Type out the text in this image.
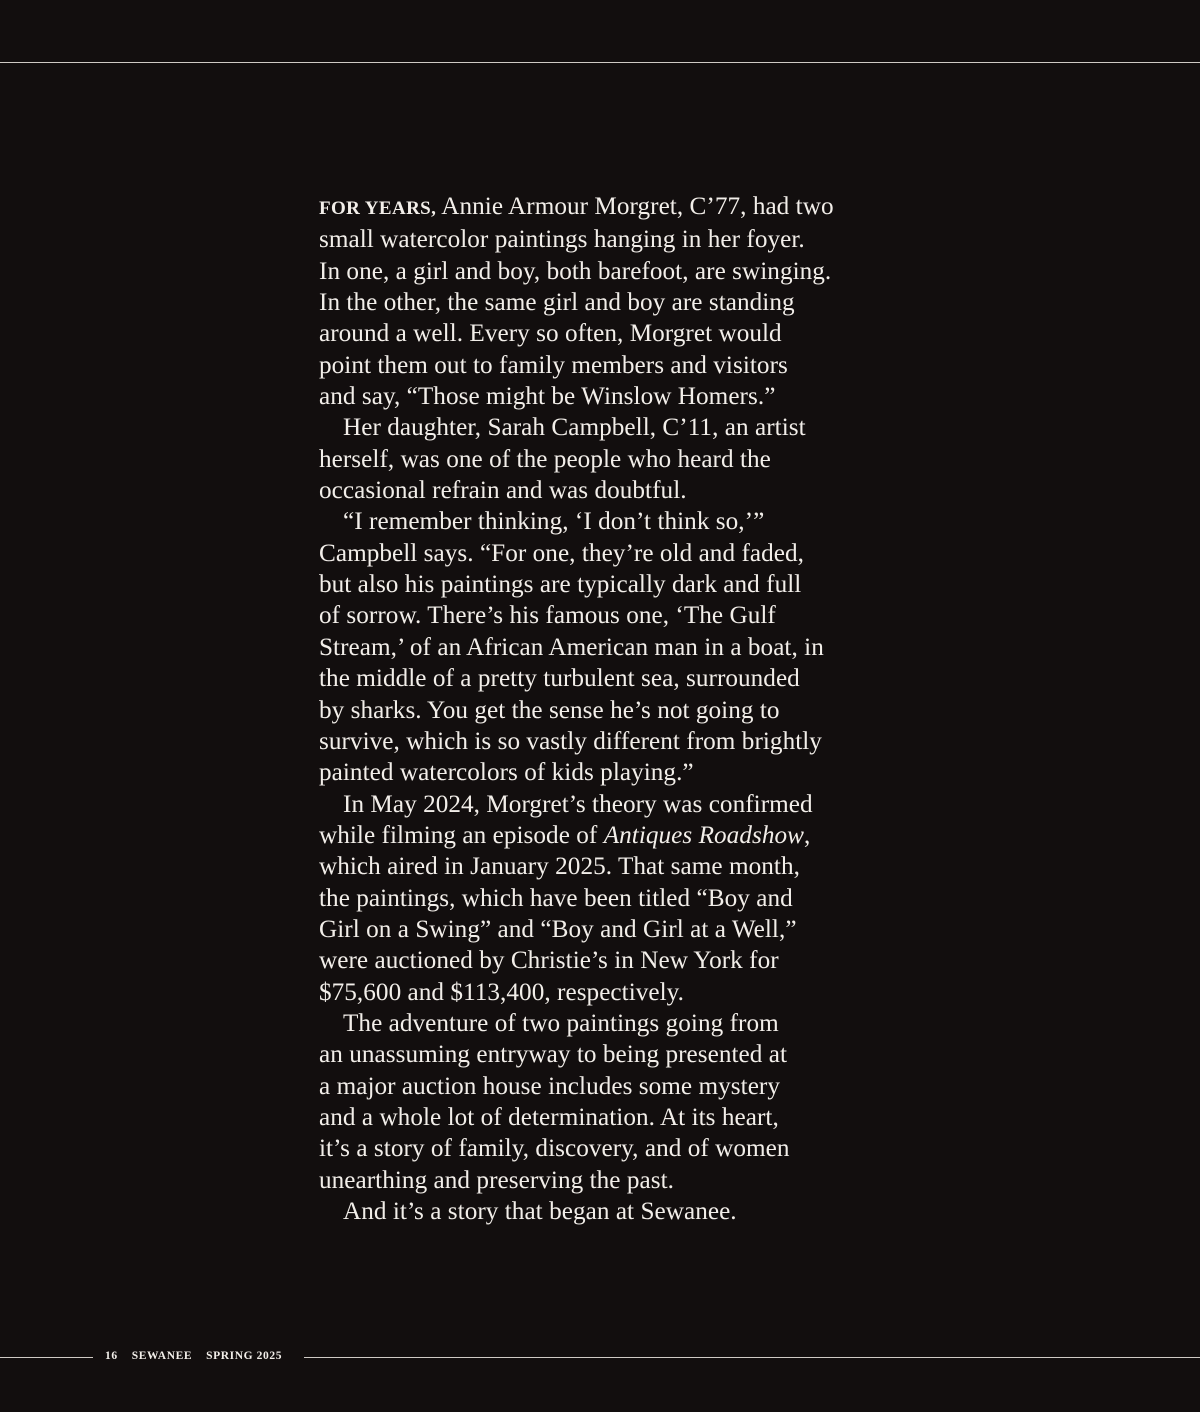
FOR YEARS, Annie Armour Morgret, C’77, had two
small watercolor paintings hanging in her foyer.
In one, a girl and boy, both barefoot, are swinging.
In the other, the same girl and boy are standing
around a well. Every so often, Morgret would
point them out to family members and visitors
and say, “Those might be Winslow Homers.”
Her daughter, Sarah Campbell, C’11, an artist
herself, was one of the people who heard the
occasional refrain and was doubtful.
“I remember thinking, ‘I don’t think so,’”
Campbell says. “For one, they’re old and faded,
but also his paintings are typically dark and full
of sorrow. There’s his famous one, ‘The Gulf
Stream,’ of an African American man in a boat, in
the middle of a pretty turbulent sea, surrounded
by sharks. You get the sense he’s not going to
survive, which is so vastly different from brightly
painted watercolors of kids playing.”
In May 2024, Morgret’s theory was confirmed
while filming an episode of Antiques Roadshow,
which aired in January 2025. That same month,
the paintings, which have been titled “Boy and
Girl on a Swing” and “Boy and Girl at a Well,”
were auctioned by Christie’s in New York for
$75,600 and $113,400, respectively.
The adventure of two paintings going from
an unassuming entryway to being presented at
a major auction house includes some mystery
and a whole lot of determination. At its heart,
it’s a story of family, discovery, and of women
unearthing and preserving the past.
And it’s a story that began at Sewanee.
16 SEWANEE SPRING 2025
